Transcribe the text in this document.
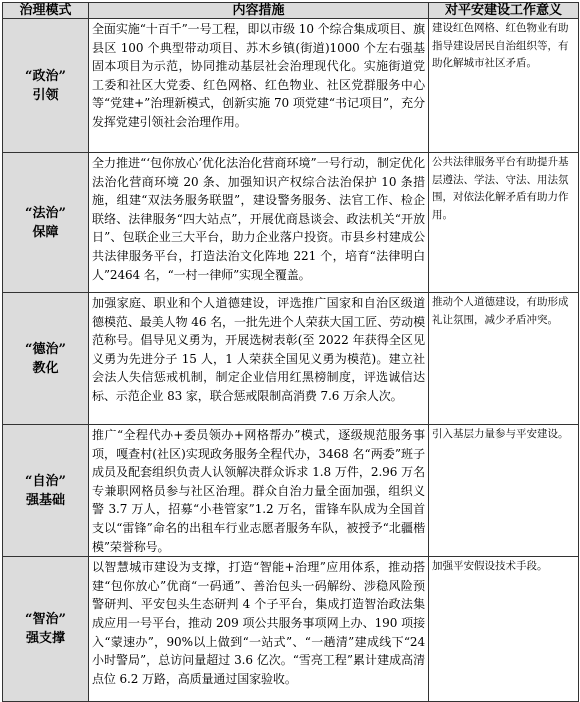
治理模式	内容措施	对平安建设工作意义

“政治”
引领	全面实施“十百千”一号工程，即以市级 10 个综合集成项目、旗县区 100 个典型带动项目、苏木乡镇(街道)1000 个左右强基固本项目为示范，协同推动基层社会治理现代化。实施街道党工委和社区大党委、红色网格、红色物业、社区党群服务中心等“党建+”治理新模式，创新实施 70 项党建“书记项目”，充分发挥党建引领社会治理作用。	建设红色网格、红色物业有助指导建设居民自治组织等，有助化解城市社区矛盾。

“法治”
保障	全力推进“‘包你放心’优化法治化营商环境”一号行动，制定优化法治化营商环境 20 条、加强知识产权综合法治保护 10 条措施，组建“双法务服务联盟”，建设警务服务、法官工作、检企联络、法律服务“四大站点”，开展优商恳谈会、政法机关“开放日”、包联企业三大平台，助力企业落户投资。市县乡村建成公共法律服务平台，打造法治文化阵地 221 个，培育“法律明白人”2464 名，“一村一律师”实现全覆盖。	公共法律服务平台有助提升基层遵法、学法、守法、用法氛围，对依法化解矛盾有助力作用。

“德治”
教化	加强家庭、职业和个人道德建设，评选推广国家和自治区级道德模范、最美人物 46 名，一批先进个人荣获大国工匠、劳动模范称号。倡导见义勇为，开展选树表彰(至 2022 年获得全区见义勇为先进分子 15 人，1 人荣获全国见义勇为模范)。建立社会法人失信惩戒机制，制定企业信用红黑榜制度，评选诚信达标、示范企业 83 家，联合惩戒限制高消费 7.6 万余人次。	推动个人道德建设，有助形成礼让氛围，减少矛盾冲突。

“自治”
强基础	推广“全程代办+委员领办+网格帮办”模式，逐级规范服务事项，嘎查村(社区)实现政务服务全程代办，3468 名“两委”班子成员及配套组织负责人认领解决群众诉求 1.8 万件，2.96 万名专兼职网格员参与社区治理。群众自治力量全面加强，组织义警 3.7 万人，招募“小巷管家”1.2 万名，雷锋车队成为全国首支以“雷锋”命名的出租车行业志愿者服务车队，被授予“北疆楷模”荣誉称号。	引入基层力量参与平安建设。

“智治”
强支撑	以智慧城市建设为支撑，打造“智能+治理”应用体系，推动搭建“包你放心”优商“一码通”、善治包头一码解纷、涉稳风险预警研判、平安包头生态研判 4 个子平台，集成打造智治政法集成应用一号平台，推动 209 项公共服务事项网上办、190 项接入“蒙速办”，90%以上做到“一站式”、“一趟清”建成线下“24 小时警局”，总访问量超过 3.6 亿次。“雪亮工程”累计建成高清点位 6.2 万路，高质量通过国家验收。	加强平安假设技术手段。
